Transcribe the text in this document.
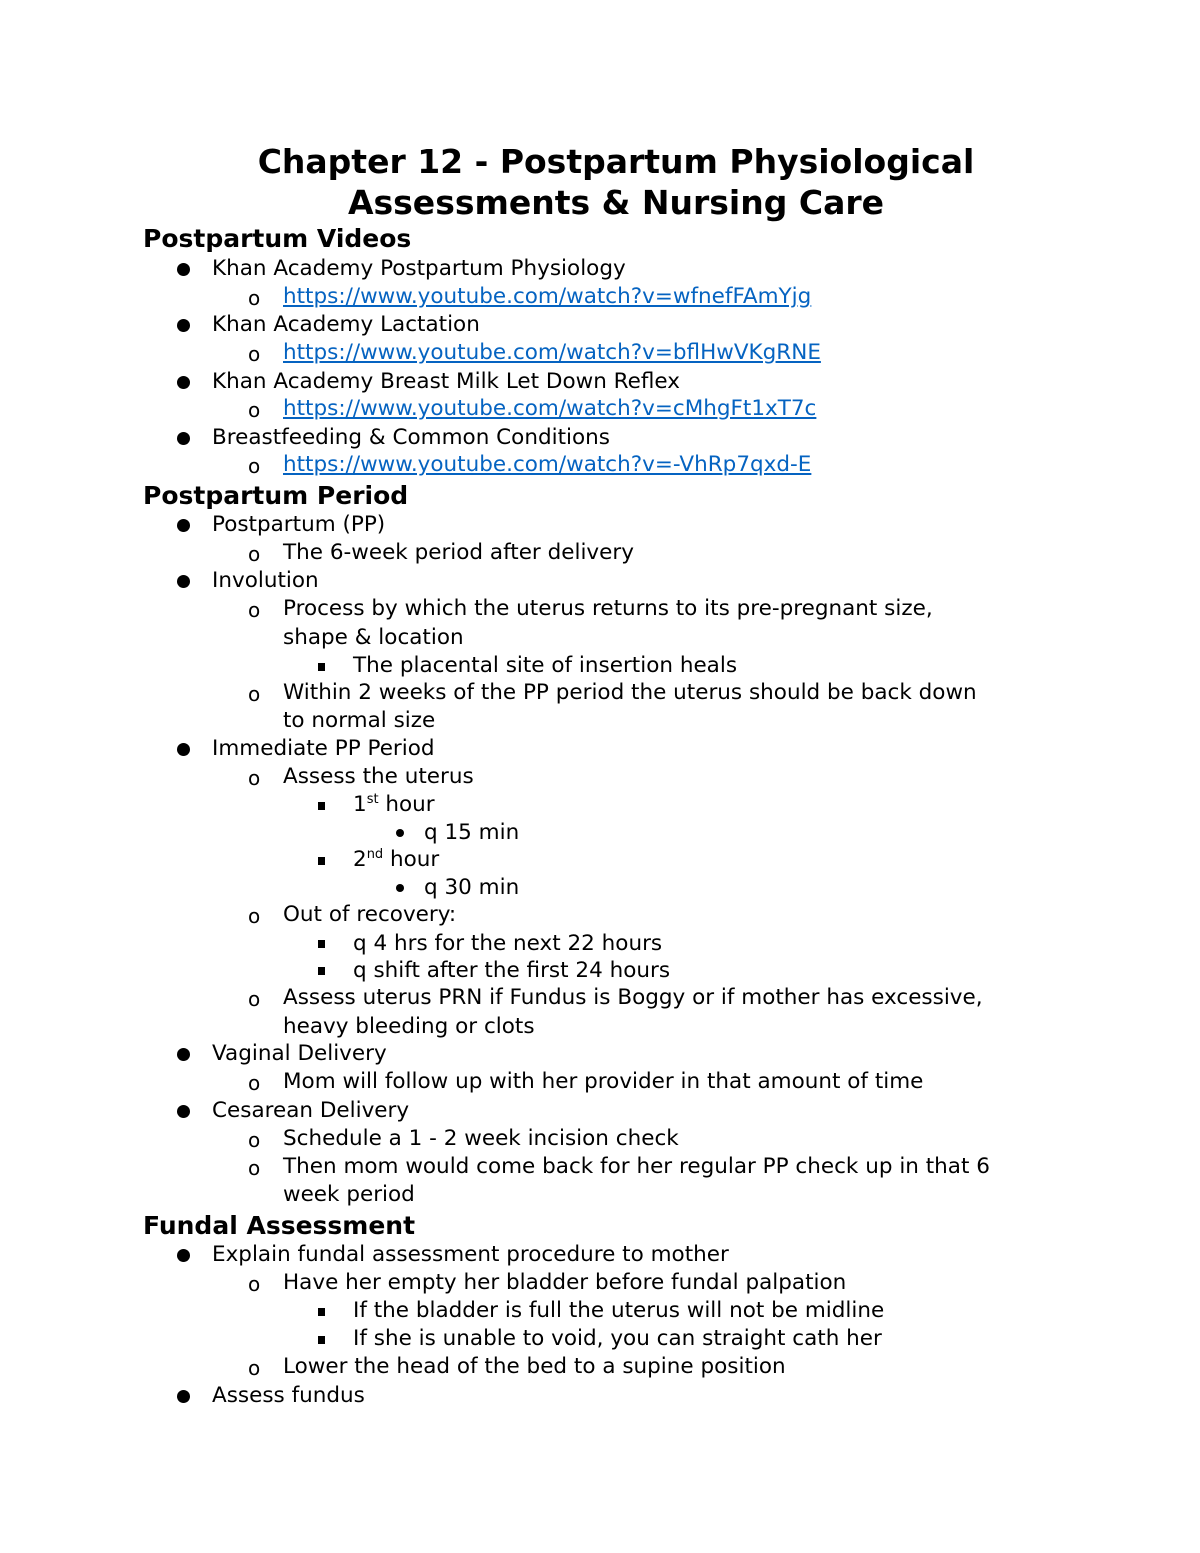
Chapter 12 - Postpartum Physiological
Assessments & Nursing Care
Postpartum Videos
Khan Academy Postpartum Physiology
o https://www.youtube.com/watch?v=wfnefFAmYjg
Khan Academy Lactation
o https://www.youtube.com/watch?v=bflHwVKgRNE
Khan Academy Breast Milk Let Down Reflex
o https://www.youtube.com/watch?v=cMhgFt1xT7c
Breastfeeding & Common Conditions
o https://www.youtube.com/watch?v=-VhRp7qxd-E
Postpartum Period
Postpartum (PP)
o The 6-week period after delivery
Involution
o Process by which the uterus returns to its pre-pregnant size,
shape & location
The placental site of insertion heals
o Within 2 weeks of the PP period the uterus should be back down
to normal size
Immediate PP Period
o Assess the uterus
1st hour
q 15 min
2nd hour
q 30 min
o Out of recovery:
q 4 hrs for the next 22 hours
q shift after the first 24 hours
o Assess uterus PRN if Fundus is Boggy or if mother has excessive,
heavy bleeding or clots
Vaginal Delivery
o Mom will follow up with her provider in that amount of time
Cesarean Delivery
o Schedule a 1 - 2 week incision check
o Then mom would come back for her regular PP check up in that 6
week period
Fundal Assessment
Explain fundal assessment procedure to mother
o Have her empty her bladder before fundal palpation
If the bladder is full the uterus will not be midline
If she is unable to void, you can straight cath her
o Lower the head of the bed to a supine position
Assess fundus
